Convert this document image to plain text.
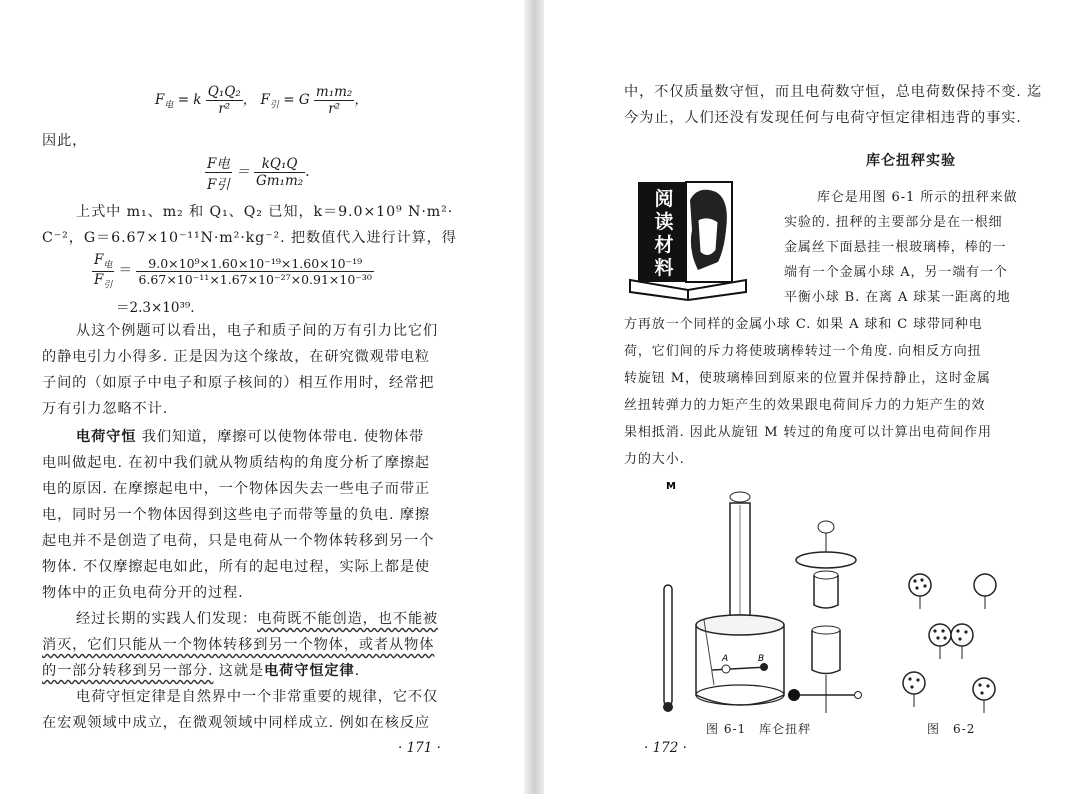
$F_电 = k \frac{\text{Q₁Q₂}}{\text{r²}}$ ， $F_引 = G \frac{\text{m₁m₂}}{\text{r²}}$ ，
因此，
$\frac{\text{F电}}{\text{F引}} = \frac{\text{kQ₁Q}}{\text{Gm₁m₂}}$ .
上式中 m₁、m₂ 和 Q₁、Q₂ 已知，k＝9.0×10⁹ N·m²·
C⁻²，G＝6.67×10⁻¹¹N·m²·kg⁻². 把数值代入进行计算，得
$\frac{F_电}{F_引} = \frac{\text{9.0×10⁹×1.60×10⁻¹⁹×1.60×10⁻¹⁹}}{\text{6.67×10⁻¹¹×1.67×10⁻²⁷×0.91×10⁻³⁰}}$
＝2.3×10³⁹.
从这个例题可以看出，电子和质子间的万有引力比它们
的静电引力小得多. 正是因为这个缘故，在研究微观带电粒
子间的（如原子中电子和原子核间的）相互作用时，经常把
万有引力忽略不计.
电荷守恒 我们知道，摩擦可以使物体带电. 使物体带
电叫做起电. 在初中我们就从物质结构的角度分析了摩擦起
电的原因. 在摩擦起电中，一个物体因失去一些电子而带正
电，同时另一个物体因得到这些电子而带等量的负电. 摩擦
起电并不是创造了电荷，只是电荷从一个物体转移到另一个
物体. 不仅摩擦起电如此，所有的起电过程，实际上都是使
物体中的正负电荷分开的过程.
经过长期的实践人们发现：电荷既不能创造，也不能被
消灭，它们只能从一个物体转移到另一个物体，或者从物体
的一部分转移到另一部分. 这就是电荷守恒定律.
电荷守恒定律是自然界中一个非常重要的规律，它不仅
在宏观领域中成立，在微观领域中同样成立. 例如在核反应
· 171 ·
中，不仅质量数守恒，而且电荷数守恒，总电荷数保持不变. 迄
今为止，人们还没有发现任何与电荷守恒定律相违背的事实.
库仑扭秤实验
阅
读
材
料
库仑是用图 6-1 所示的扭秤来做
实验的. 扭秤的主要部分是在一根细
金属丝下面悬挂一根玻璃棒，棒的一
端有一个金属小球 A，另一端有一个
平衡小球 B. 在离 A 球某一距离的地
方再放一个同样的金属小球 C. 如果 A 球和 C 球带同种电
荷，它们间的斥力将使玻璃棒转过一个角度. 向相反方向扭
转旋钮 M，使玻璃棒回到原来的位置并保持静止，这时金属
丝扭转弹力的力矩产生的效果跟电荷间斥力的力矩产生的效
果相抵消. 因此从旋钮 M 转过的角度可以计算出电荷间作用
力的大小.
M
A	B
图 6-1　库仑扭秤	图　6-2
· 172 ·
